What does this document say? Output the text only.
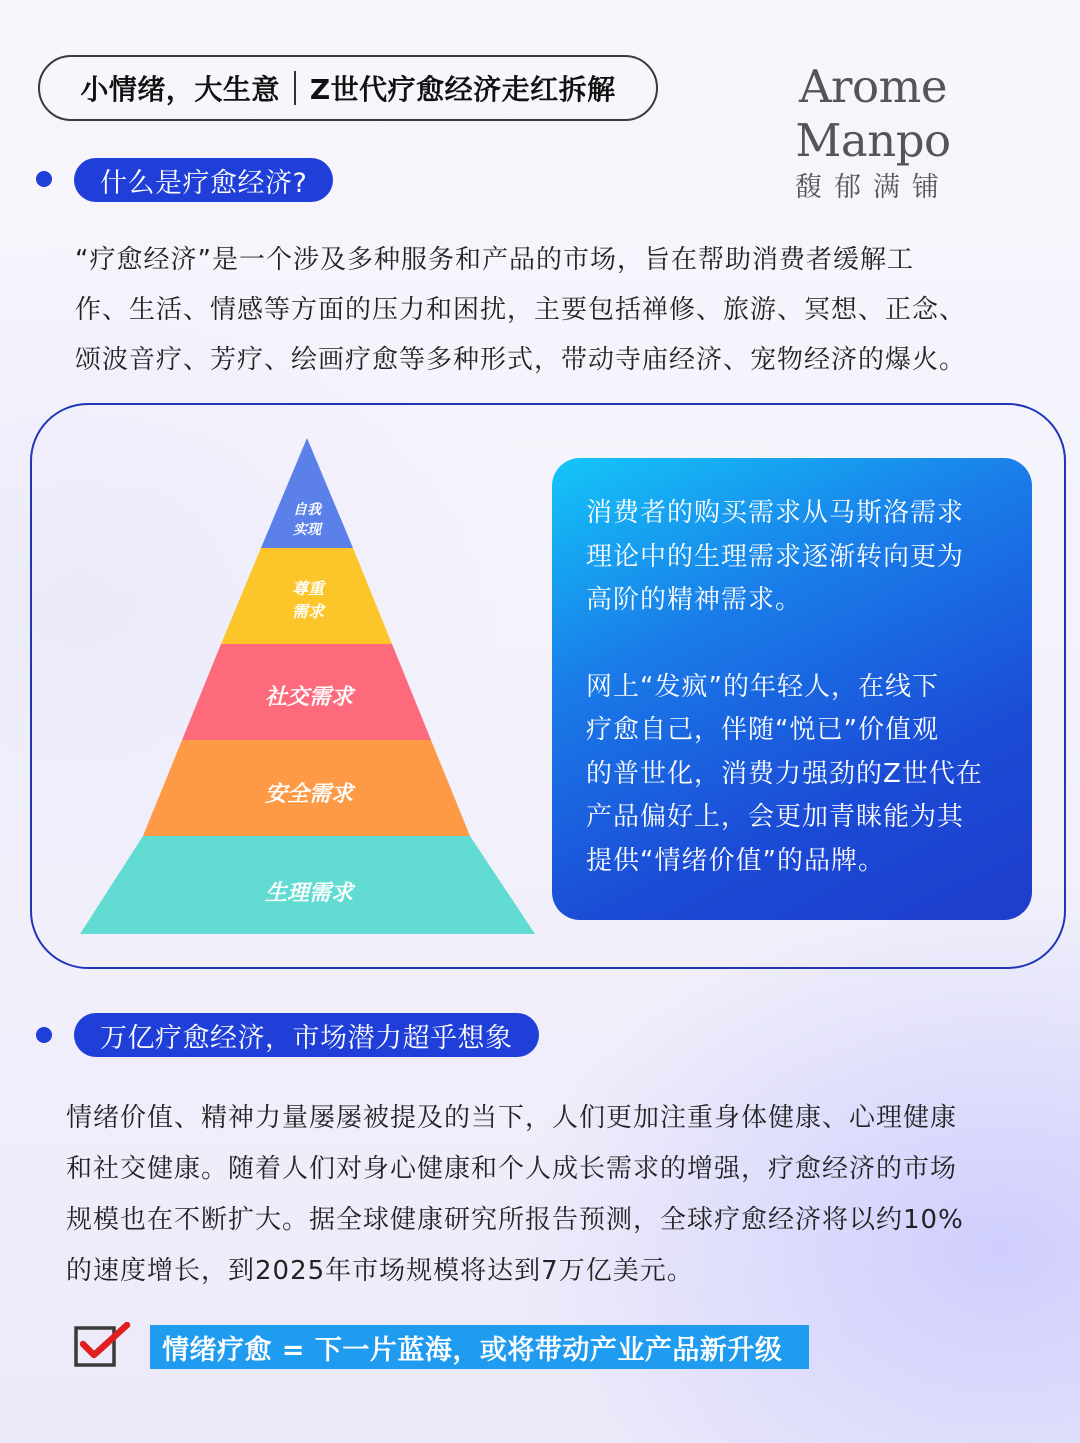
小情绪，大生意 Z世代疗愈经济走红拆解	Arome Manpo
馥郁满铺
什么是疗愈经济?
“疗愈经济”是一个涉及多种服务和产品的市场，旨在帮助消费者缓解工
作、生活、情感等方面的压力和困扰，主要包括禅修、旅游、冥想、正念、
颂波音疗、芳疗、绘画疗愈等多种形式，带动寺庙经济、宠物经济的爆火。
自我
实现
尊重
需求
社交需求
安全需求
生理需求

消费者的购买需求从马斯洛需求
理论中的生理需求逐渐转向更为
高阶的精神需求。

网上“发疯”的年轻人，在线下
疗愈自己，伴随“悦已”价值观
的普世化，消费力强劲的Z世代在
产品偏好上，会更加青睐能为其
提供“情绪价值”的品牌。

万亿疗愈经济，市场潜力超乎想象
情绪价值、精神力量屡屡被提及的当下，人们更加注重身体健康、心理健康
和社交健康。随着人们对身心健康和个人成长需求的增强，疗愈经济的市场
规模也在不断扩大。据全球健康研究所报告预测，全球疗愈经济将以约10%
的速度增长，到2025年市场规模将达到7万亿美元。
情绪疗愈 = 下一片蓝海，或将带动产业产品新升级
